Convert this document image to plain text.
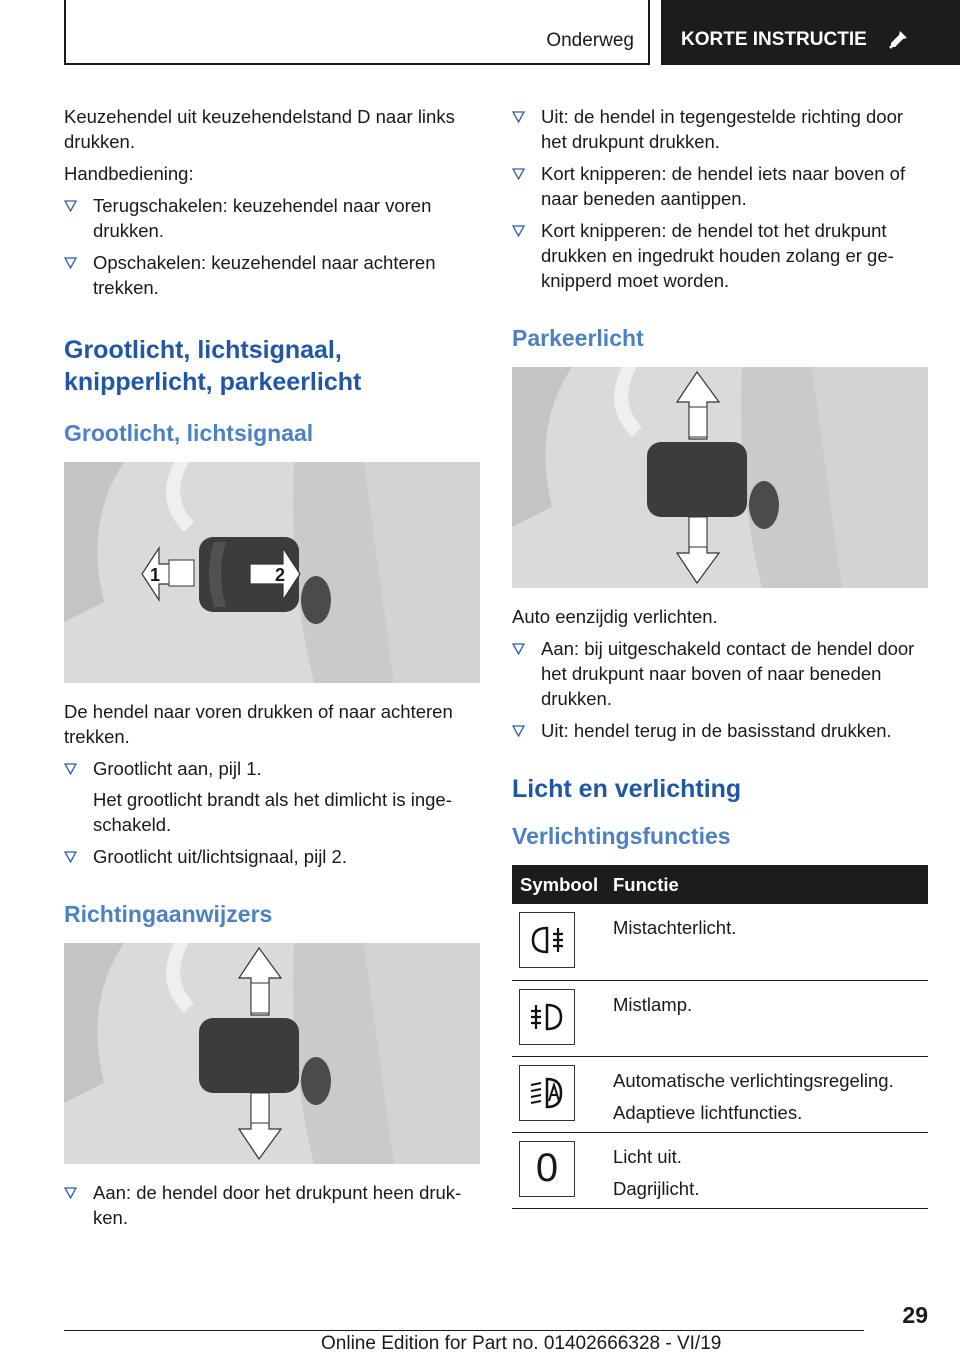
Onderweg KORTE INSTRUCTIE

Keuzehendel uit keuzehendelstand D naar links drukken.

Handbediening:

Terugschakelen: keuzehendel naar voren drukken.
Opschakelen: keuzehendel naar achteren trekken.
Grootlicht, lichtsignaal, knipperlicht, parkeerlicht
Grootlicht, lichtsignaal
1	2

De hendel naar voren drukken of naar achteren trekken.

Grootlicht aan, pijl 1.
Het grootlicht brandt als het dimlicht is inge-schakeld.
Grootlicht uit/lichtsignaal, pijl 2.
Richtingaanwijzers
Aan: de hendel door het drukpunt heen druk-ken.
Uit: de hendel in tegengestelde richting door het drukpunt drukken.
Kort knipperen: de hendel iets naar boven of naar beneden aantippen.
Kort knipperen: de hendel tot het drukpunt drukken en ingedrukt houden zolang er ge-knipperd moet worden.
Parkeerlicht

Auto eenzijdig verlichten.

Aan: bij uitgeschakeld contact de hendel door het drukpunt naar boven of naar beneden drukken.
Uit: hendel terug in de basisstand drukken.
Licht en verlichting
Verlichtingsfuncties
Symbool	Functie

Mistachterlicht.

Mistlamp.

Automatische verlichtingsregeling.
Adaptieve lichtfuncties.

0	Licht uit.
Dagrijlicht.
29
Online Edition for Part no. 01402666328 - VI/19
